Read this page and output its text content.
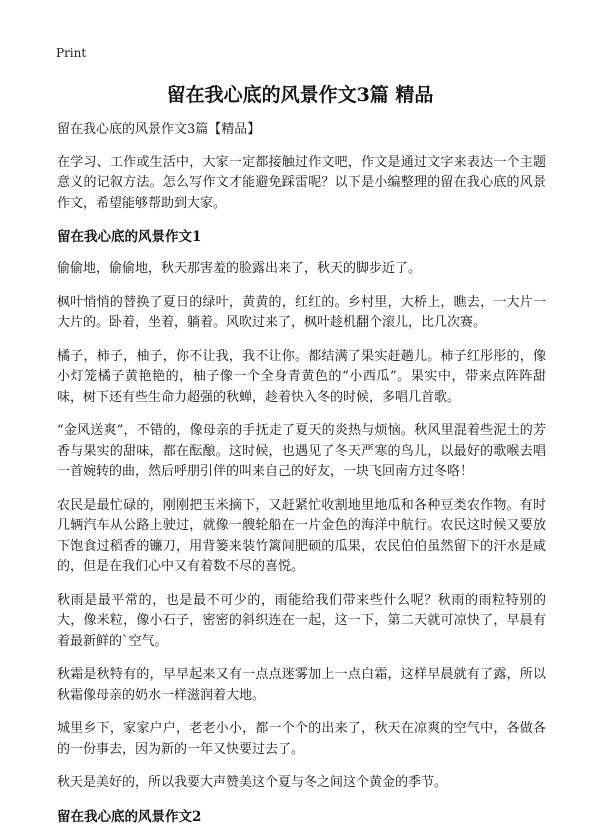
Print
留在我心底的风景作文3篇 精品

留在我心底的风景作文3篇【精品】

在学习、工作或生活中，大家一定都接触过作文吧，作文是通过文字来表达一个主题意义的记叙方法。怎么写作文才能避免踩雷呢？以下是小编整理的留在我心底的风景作文，希望能够帮助到大家。

留在我心底的风景作文1

偷偷地，偷偷地，秋天那害羞的脸露出来了，秋天的脚步近了。

枫叶悄悄的替换了夏日的绿叶，黄黄的，红红的。乡村里，大桥上，瞧去，一大片一大片的。卧着，坐着，躺着。风吹过来了，枫叶趁机翻个滚儿，比几次赛。

橘子，柿子，柚子，你不让我，我不让你。都结满了果实赶趟儿。柿子红彤彤的，像小灯笼橘子黄艳艳的，柚子像一个全身青黄色的“小西瓜”。果实中，带来点阵阵甜味，树下还有些生命力超强的秋蝉，趁着快入冬的时候，多唱几首歌。

“金风送爽”，不错的，像母亲的手抚走了夏天的炎热与烦恼。秋风里混着些泥土的芳香与果实的甜味，都在酝酿。这时候，也遇见了冬天严寒的鸟儿，以最好的歌喉去唱一首婉转的曲，然后呼朋引伴的叫来自己的好友，一块飞回南方过冬咯！

农民是最忙碌的，刚刚把玉米摘下，又赶紧忙收割地里地瓜和各种豆类农作物。有时几辆汽车从公路上驶过，就像一艘轮船在一片金色的海洋中航行。农民这时候又要放下饱食过稻香的镰刀，用背篓来装竹篱间肥硕的瓜果，农民伯伯虽然留下的汗水是咸的，但是在我们心中又有着数不尽的喜悦。

秋雨是最平常的，也是最不可少的，雨能给我们带来些什么呢？秋雨的雨粒特别的大，像米粒，像小石子，密密的斜织连在一起，这一下，第二天就可凉快了，早晨有着最新鲜的`空气。

秋霜是秋特有的，早早起来又有一点点迷雾加上一点白霜，这样早晨就有了露，所以秋霜像母亲的奶水一样滋润着大地。

城里乡下，家家户户，老老小小，都一个个的出来了，秋天在凉爽的空气中，各做各的一份事去，因为新的一年又快要过去了。

秋天是美好的，所以我要大声赞美这个夏与冬之间这个黄金的季节。

留在我心底的风景作文2
